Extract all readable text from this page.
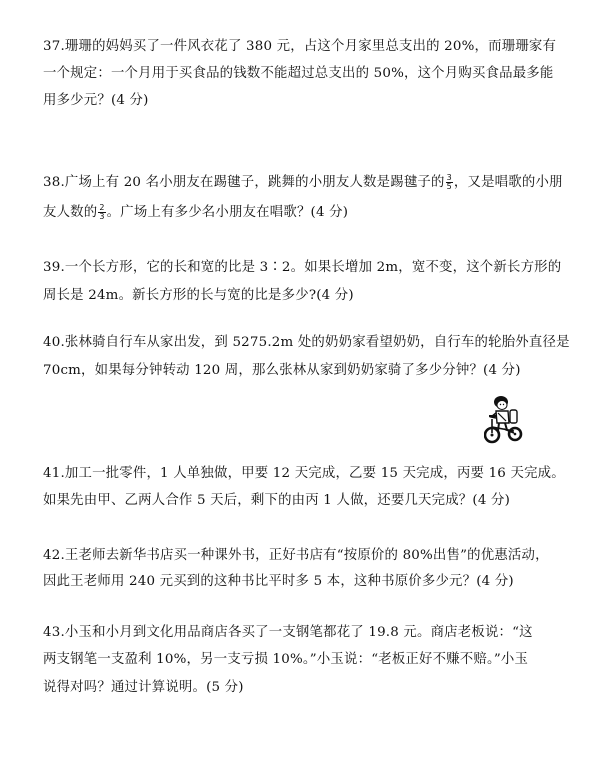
37.珊珊的妈妈买了一件风衣花了 380 元，占这个月家里总支出的 20%，而珊珊家有
一个规定：一个月用于买食品的钱数不能超过总支出的 50%，这个月购买食品最多能
用多少元？(4 分)
38.广场上有 20 名小朋友在踢毽子，跳舞的小朋友人数是踢毽子的 $\frac{3}{5}$ ，又是唱歌的小朋
友人数的 $\frac{2}{3}$ 。广场上有多少名小朋友在唱歌？(4 分)
39.一个长方形，它的长和宽的比是 3∶2。如果长增加 2m，宽不变，这个新长方形的
周长是 24m。新长方形的长与宽的比是多少?(4 分)
40.张林骑自行车从家出发，到 5275.2m 处的奶奶家看望奶奶，自行车的轮胎外直径是
70cm，如果每分钟转动 120 周，那么张林从家到奶奶家骑了多少分钟？(4 分)
41.加工一批零件，1 人单独做，甲要 12 天完成，乙要 15 天完成，丙要 16 天完成。
如果先由甲、乙两人合作 5 天后，剩下的由丙 1 人做，还要几天完成？(4 分)
42.王老师去新华书店买一种课外书，正好书店有“按原价的 80%出售”的优惠活动，
因此王老师用 240 元买到的这种书比平时多 5 本，这种书原价多少元？(4 分)
43.小玉和小月到文化用品商店各买了一支钢笔都花了 19.8 元。商店老板说：“这
两支钢笔一支盈利 10%，另一支亏损 10%。”小玉说：“老板正好不赚不赔。”小玉
说得对吗？通过计算说明。(5 分)
